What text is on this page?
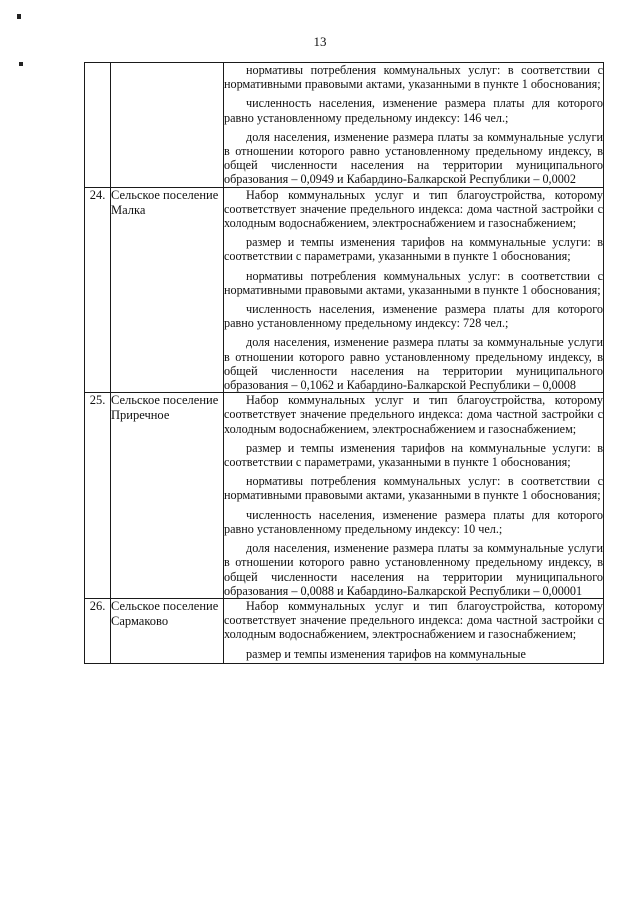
13

		нормативы потребления коммунальных услуг: в соответствии с нормативными правовыми актами, указанными в пункте 1 обоснования;

численность населения, изменение размера платы для которого равно установленному предельному индексу: 146 чел.;

доля населения, изменение размера платы за коммунальные услуги в отношении которого равно установленному предельному индексу, в общей численности населения на территории муниципального образования – 0,0949 и Кабардино-Балкарской Республики – 0,0002

24.	Сельское поселение Малка	Набор коммунальных услуг и тип благоустройства, которому соответствует значение предельного индекса: дома частной застройки с холодным водоснабжением, электроснабжением и газоснабжением;

размер и темпы изменения тарифов на коммунальные услуги: в соответствии с параметрами, указанными в пункте 1 обоснования;

нормативы потребления коммунальных услуг: в соответствии с нормативными правовыми актами, указанными в пункте 1 обоснования;

численность населения, изменение размера платы для которого равно установленному предельному индексу: 728 чел.;

доля населения, изменение размера платы за коммунальные услуги в отношении которого равно установленному предельному индексу, в общей численности населения на территории муниципального образования – 0,1062 и Кабардино-Балкарской Республики – 0,0008

25.	Сельское поселение Приречное	Набор коммунальных услуг и тип благоустройства, которому соответствует значение предельного индекса: дома частной застройки с холодным водоснабжением, электроснабжением и газоснабжением;

размер и темпы изменения тарифов на коммунальные услуги: в соответствии с параметрами, указанными в пункте 1 обоснования;

нормативы потребления коммунальных услуг: в соответствии с нормативными правовыми актами, указанными в пункте 1 обоснования;

численность населения, изменение размера платы для которого равно установленному предельному индексу: 10 чел.;

доля населения, изменение размера платы за коммунальные услуги в отношении которого равно установленному предельному индексу, в общей численности населения на территории муниципального образования – 0,0088 и Кабардино-Балкарской Республики – 0,00001

26.	Сельское поселение Сармаково	Набор коммунальных услуг и тип благоустройства, которому соответствует значение предельного индекса: дома частной застройки с холодным водоснабжением, электроснабжением и газоснабжением;

размер и темпы изменения тарифов на коммунальные
